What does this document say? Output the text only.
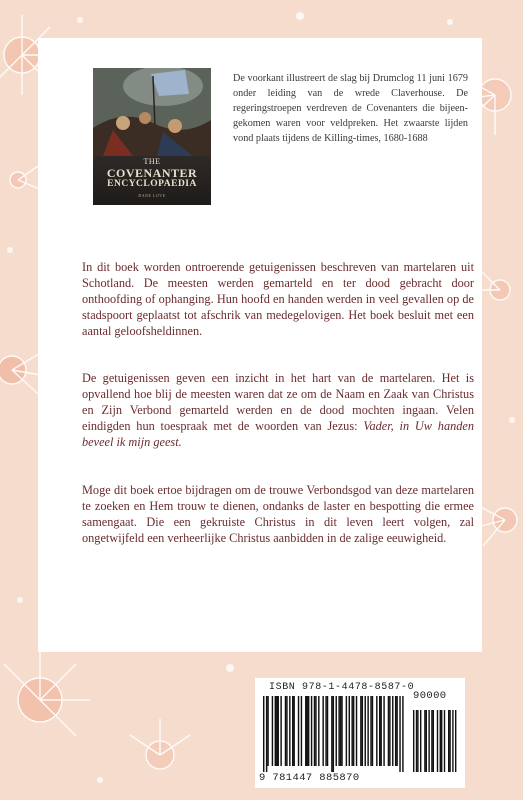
THE
COVENANTER
ENCYCLOPAEDIA
DANE LOVE
De voorkant illustreert de slag bij Drumclog 11 juni 1679 onder leiding van de wrede Claverhouse. De regeringstroepen verdreven de Covenanters die bijeen-gekomen waren voor veldpreken. Het zwaarste lijden vond plaats tijdens de Killing-times, 1680-1688
In dit boek worden ontroerende getuigenissen beschreven van martelaren uit Schotland. De meesten werden gemarteld en ter dood gebracht door onthoofding of ophanging. Hun hoofd en handen werden in veel gevallen op de stadspoort geplaatst tot afschrik van medegelovigen. Het boek besluit met een aantal geloofsheldinnen.
De getuigenissen geven een inzicht in het hart van de martelaren. Het is opvallend hoe blij de meesten waren dat ze om de Naam en Zaak van Christus en Zijn Verbond gemarteld werden en de dood mochten ingaan. Velen eindigden hun toespraak met de woorden van Jezus: Vader, in Uw handen beveel ik mijn geest.
Moge dit boek ertoe bijdragen om de trouwe Verbondsgod van deze martelaren te zoeken en Hem trouw te dienen, ondanks de laster en bespotting die ermee samengaat. Die een gekruiste Christus in dit leven leert volgen, zal ongetwijfeld een verheerlijke Christus aanbidden in de zalige eeuwigheid.
ISBN 978-1-4478-8587-0
9 781447 885870
90000
